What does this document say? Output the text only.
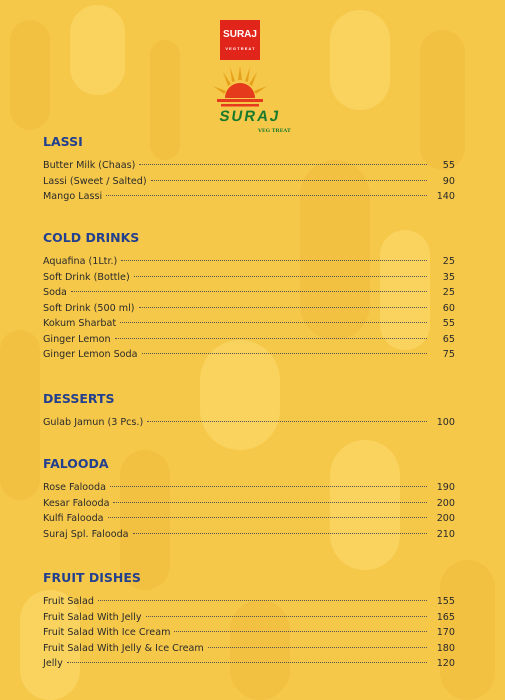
SURAJ
V E G T R E A T
SURAJ
VEG TREAT
LASSI
Butter Milk (Chaas)	55
Lassi (Sweet / Salted)	90
Mango Lassi	140
COLD DRINKS
Aquafina (1Ltr.)	25
Soft Drink (Bottle)	35
Soda	25
Soft Drink (500 ml)	60
Kokum Sharbat	55
Ginger Lemon	65
Ginger Lemon Soda	75
DESSERTS
Gulab Jamun (3 Pcs.)	100
FALOODA
Rose Falooda	190
Kesar Falooda	200
Kulfi Falooda	200
Suraj Spl. Falooda	210
FRUIT DISHES
Fruit Salad	155
Fruit Salad With Jelly	165
Fruit Salad With Ice Cream	170
Fruit Salad With Jelly & Ice Cream	180
Jelly	120
